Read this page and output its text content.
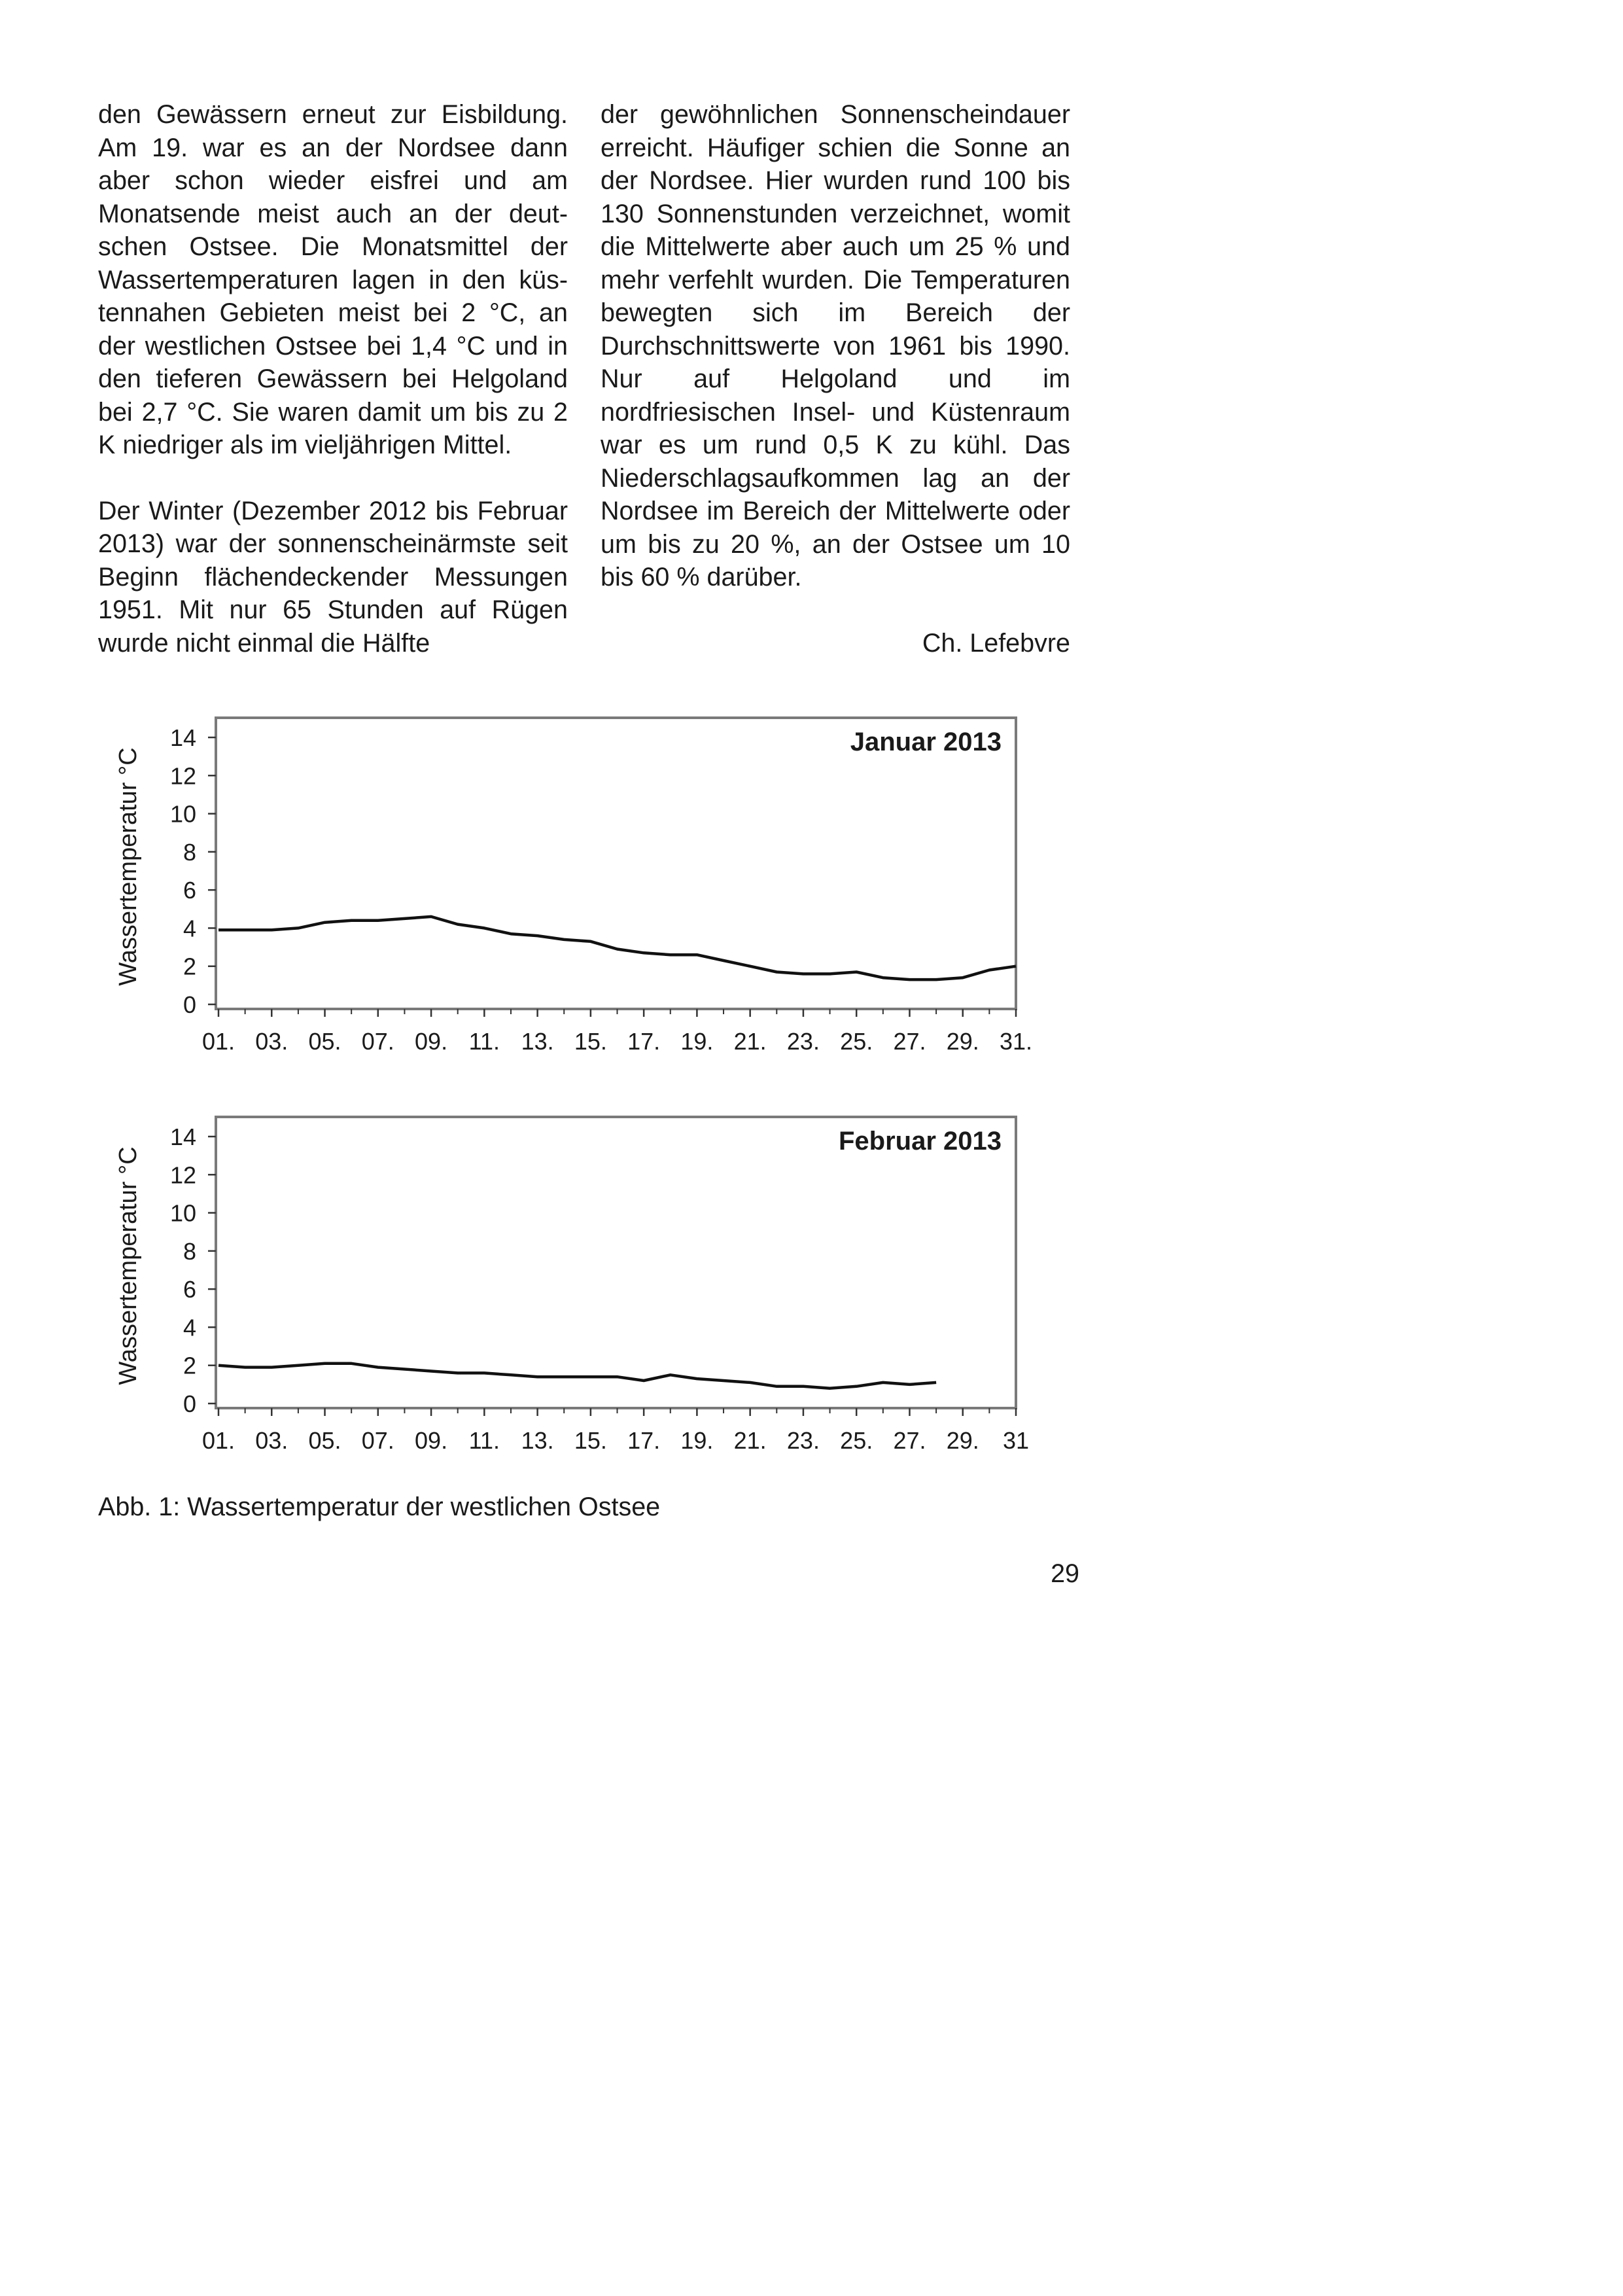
den Gewässern erneut zur Eisbildung. Am 19. war es an der Nordsee dann aber schon wieder eisfrei und am Monatsende meist auch an der deutschen Ostsee. Die Monatsmittel der Wassertemperaturen lagen in den küstennahen Gebieten meist bei 2 °C, an der westlichen Ostsee bei 1,4 °C und in den tieferen Gewässern bei Helgoland bei 2,7 °C. Sie waren damit um bis zu 2 K niedriger als im vieljährigen Mittel.

Der Winter (Dezember 2012 bis Februar 2013) war der sonnenscheinärmste seit Beginn flächendeckender Messungen 1951. Mit nur 65 Stunden auf Rügen wurde nicht einmal die Hälfte

der gewöhnlichen Sonnenscheindauer erreicht. Häufiger schien die Sonne an der Nordsee. Hier wurden rund 100 bis 130 Sonnenstunden verzeichnet, womit die Mittelwerte aber auch um 25 % und mehr verfehlt wurden. Die Temperaturen bewegten sich im Bereich der Durchschnittswerte von 1961 bis 1990. Nur auf Helgoland und im nordfriesischen Insel- und Küstenraum war es um rund 0,5 K zu kühl. Das Niederschlagsaufkommen lag an der Nordsee im Bereich der Mittelwerte oder um bis zu 20 %, an der Ostsee um 10 bis 60 % darüber.

Ch. Lefebvre

0
2
4
6
8
10
12
14
01. 03. 05. 07. 09. 11. 13. 15. 17. 19. 21. 23. 25. 27. 29. 31.
Wassertemperatur °C
Januar 2013
0
2
4
6
8
10
12
14
01. 03. 05. 07. 09. 11. 13. 15. 17. 19. 21. 23. 25. 27. 29. 31
Wassertemperatur °C
Februar 2013
Abb. 1: Wassertemperatur der westlichen Ostsee
29
